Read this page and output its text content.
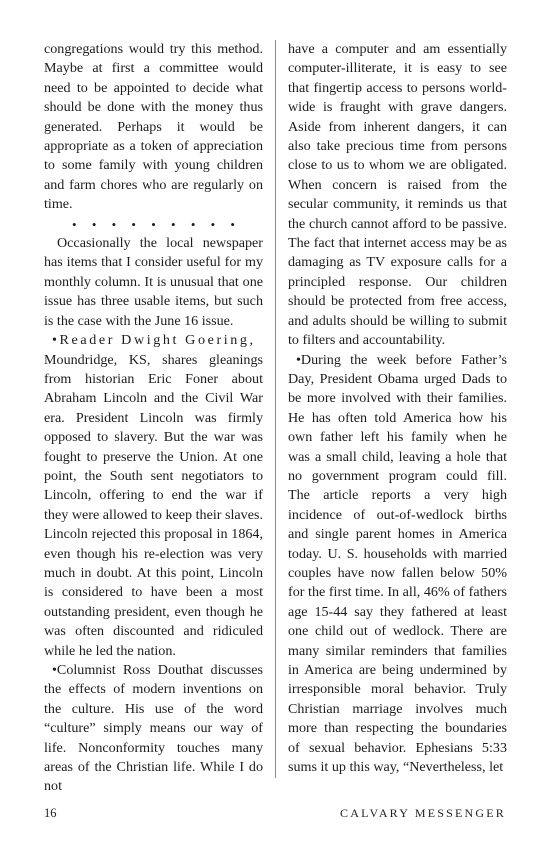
congregations would try this method. Maybe at first a committee would need to be appointed to decide what should be done with the money thus generated. Perhaps it would be appropriate as a token of appreciation to some family with young children and farm chores who are regularly on time.

• • • • • • • • •

Occasionally the local newspaper has items that I consider useful for my monthly column. It is unusual that one issue has three usable items, but such is the case with the June 16 issue.

•Reader Dwight Goering,

Moundridge, KS, shares gleanings from historian Eric Foner about Abraham Lincoln and the Civil War era. President Lincoln was firmly opposed to slavery. But the war was fought to preserve the Union. At one point, the South sent negotiators to Lincoln, offering to end the war if they were allowed to keep their slaves. Lincoln rejected this proposal in 1864, even though his re-election was very much in doubt. At this point, Lincoln is considered to have been a most outstanding president, even though he was often discounted and ridiculed while he led the nation.

•Columnist Ross Douthat discusses the effects of modern inventions on the culture. His use of the word “culture” simply means our way of life. Nonconformity touches many areas of the Christian life. While I do not

have a computer and am essentially computer-illiterate, it is easy to see that fingertip access to persons world-wide is fraught with grave dangers. Aside from inherent dangers, it can also take precious time from persons close to us to whom we are obligated. When concern is raised from the secular community, it reminds us that the church cannot afford to be passive. The fact that internet access may be as damaging as TV exposure calls for a principled response. Our children should be protected from free access, and adults should be willing to submit to filters and accountability.

•During the week before Father’s Day, President Obama urged Dads to be more involved with their families. He has often told America how his own father left his family when he was a small child, leaving a hole that no government program could fill. The article reports a very high incidence of out-of-wedlock births and single parent homes in America today. U. S. households with married couples have now fallen below 50% for the first time. In all, 46% of fathers age 15-44 say they fathered at least one child out of wedlock. There are many similar reminders that families in America are being undermined by irresponsible moral behavior. Truly Christian marriage involves much more than respecting the boundaries of sexual behavior. Ephesians 5:33 sums it up this way, “Nevertheless, let

16	CALVARY MESSENGER
